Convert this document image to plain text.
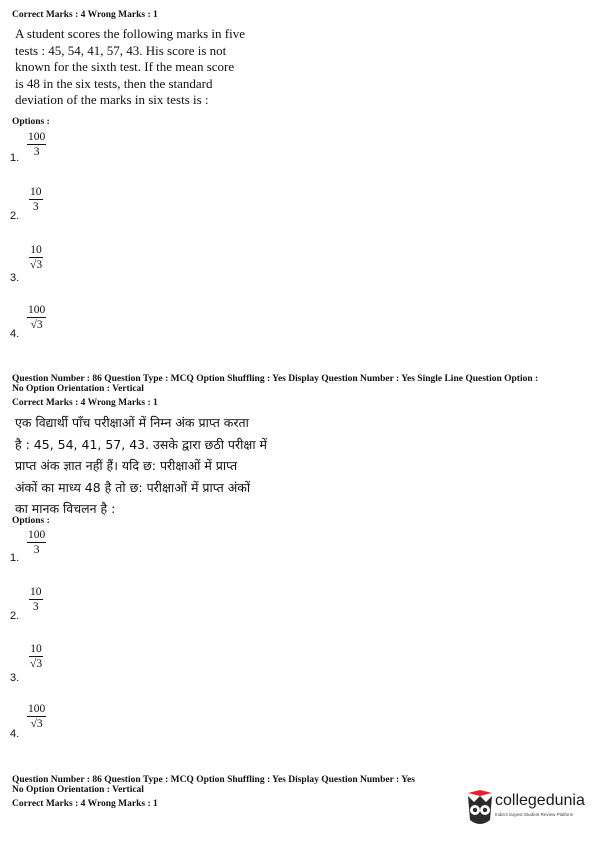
Correct Marks : 4 Wrong Marks : 1
A student scores the following marks in five
tests : 45, 54, 41, 57, 43. His score is not
known for the sixth test. If the mean score
is 48 in the six tests, then the standard
deviation of the marks in six tests is :
Options :
100
3
1.
10
3
2.
10
√3
3.
100
√3
4.
Question Number : 86 Question Type : MCQ Option Shuffling : Yes Display Question Number : Yes Single Line Question Option :
No Option Orientation : Vertical
Correct Marks : 4 Wrong Marks : 1
एक विद्यार्थी पाँच परीक्षाओं में निम्न अंक प्राप्त करता
है : 45, 54, 41, 57, 43. उसके द्वारा छठी परीक्षा में
प्राप्त अंक ज्ञात नहीं हैं। यदि छ: परीक्षाओं में प्राप्त
अंकों का माध्य 48 है तो छ: परीक्षाओं में प्राप्त अंकों
का मानक विचलन है :
Options :
100
3
1.
10
3
2.
10
√3
3.
100
√3
4.
Question Number : 86 Question Type : MCQ Option Shuffling : Yes Display Question Number : Yes
No Option Orientation : Vertical
Correct Marks : 4 Wrong Marks : 1	collegedunia
India's largest Student Review Platform
